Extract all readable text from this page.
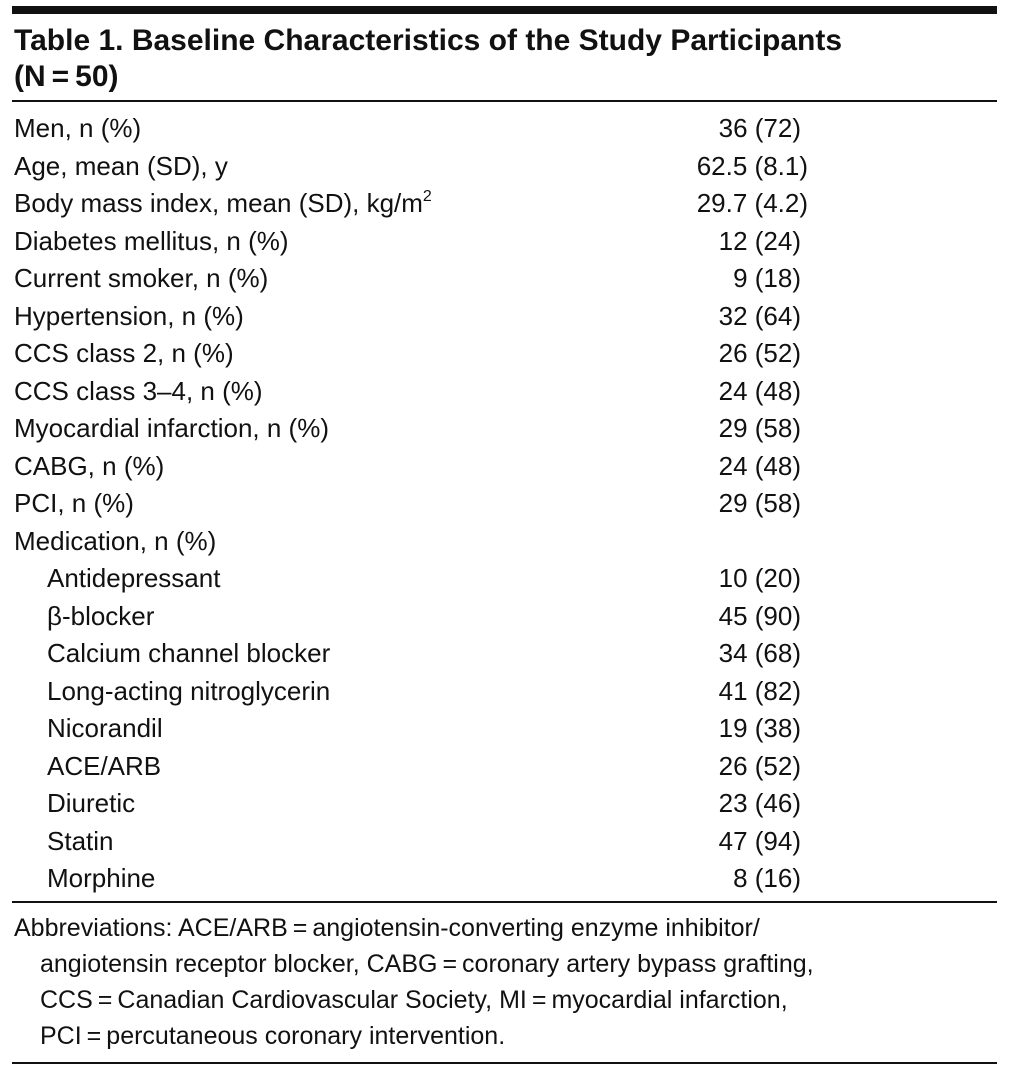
Table 1. Baseline Characteristics of the Study Participants
(N = 50)
Men, n (%)	36 (72)
Age, mean (SD), y	62.5 (8.1)
Body mass index, mean (SD), $kg/m^2$	29.7 (4.2)
Diabetes mellitus, n (%)	12 (24)
Current smoker, n (%)	9 (18)
Hypertension, n (%)	32 (64)
CCS class 2, n (%)	26 (52)
CCS class 3–4, n (%)	24 (48)
Myocardial infarction, n (%)	29 (58)
CABG, n (%)	24 (48)
PCI, n (%)	29 (58)
Medication, n (%)
Antidepressant	10 (20)
β-blocker	45 (90)
Calcium channel blocker	34 (68)
Long-acting nitroglycerin	41 (82)
Nicorandil	19 (38)
ACE/ARB	26 (52)
Diuretic	23 (46)
Statin	47 (94)
Morphine	8 (16)
Abbreviations: ACE/ARB = angiotensin-converting enzyme inhibitor/
angiotensin receptor blocker, CABG = coronary artery bypass grafting,
CCS = Canadian Cardiovascular Society, MI = myocardial infarction,
PCI = percutaneous coronary intervention.
